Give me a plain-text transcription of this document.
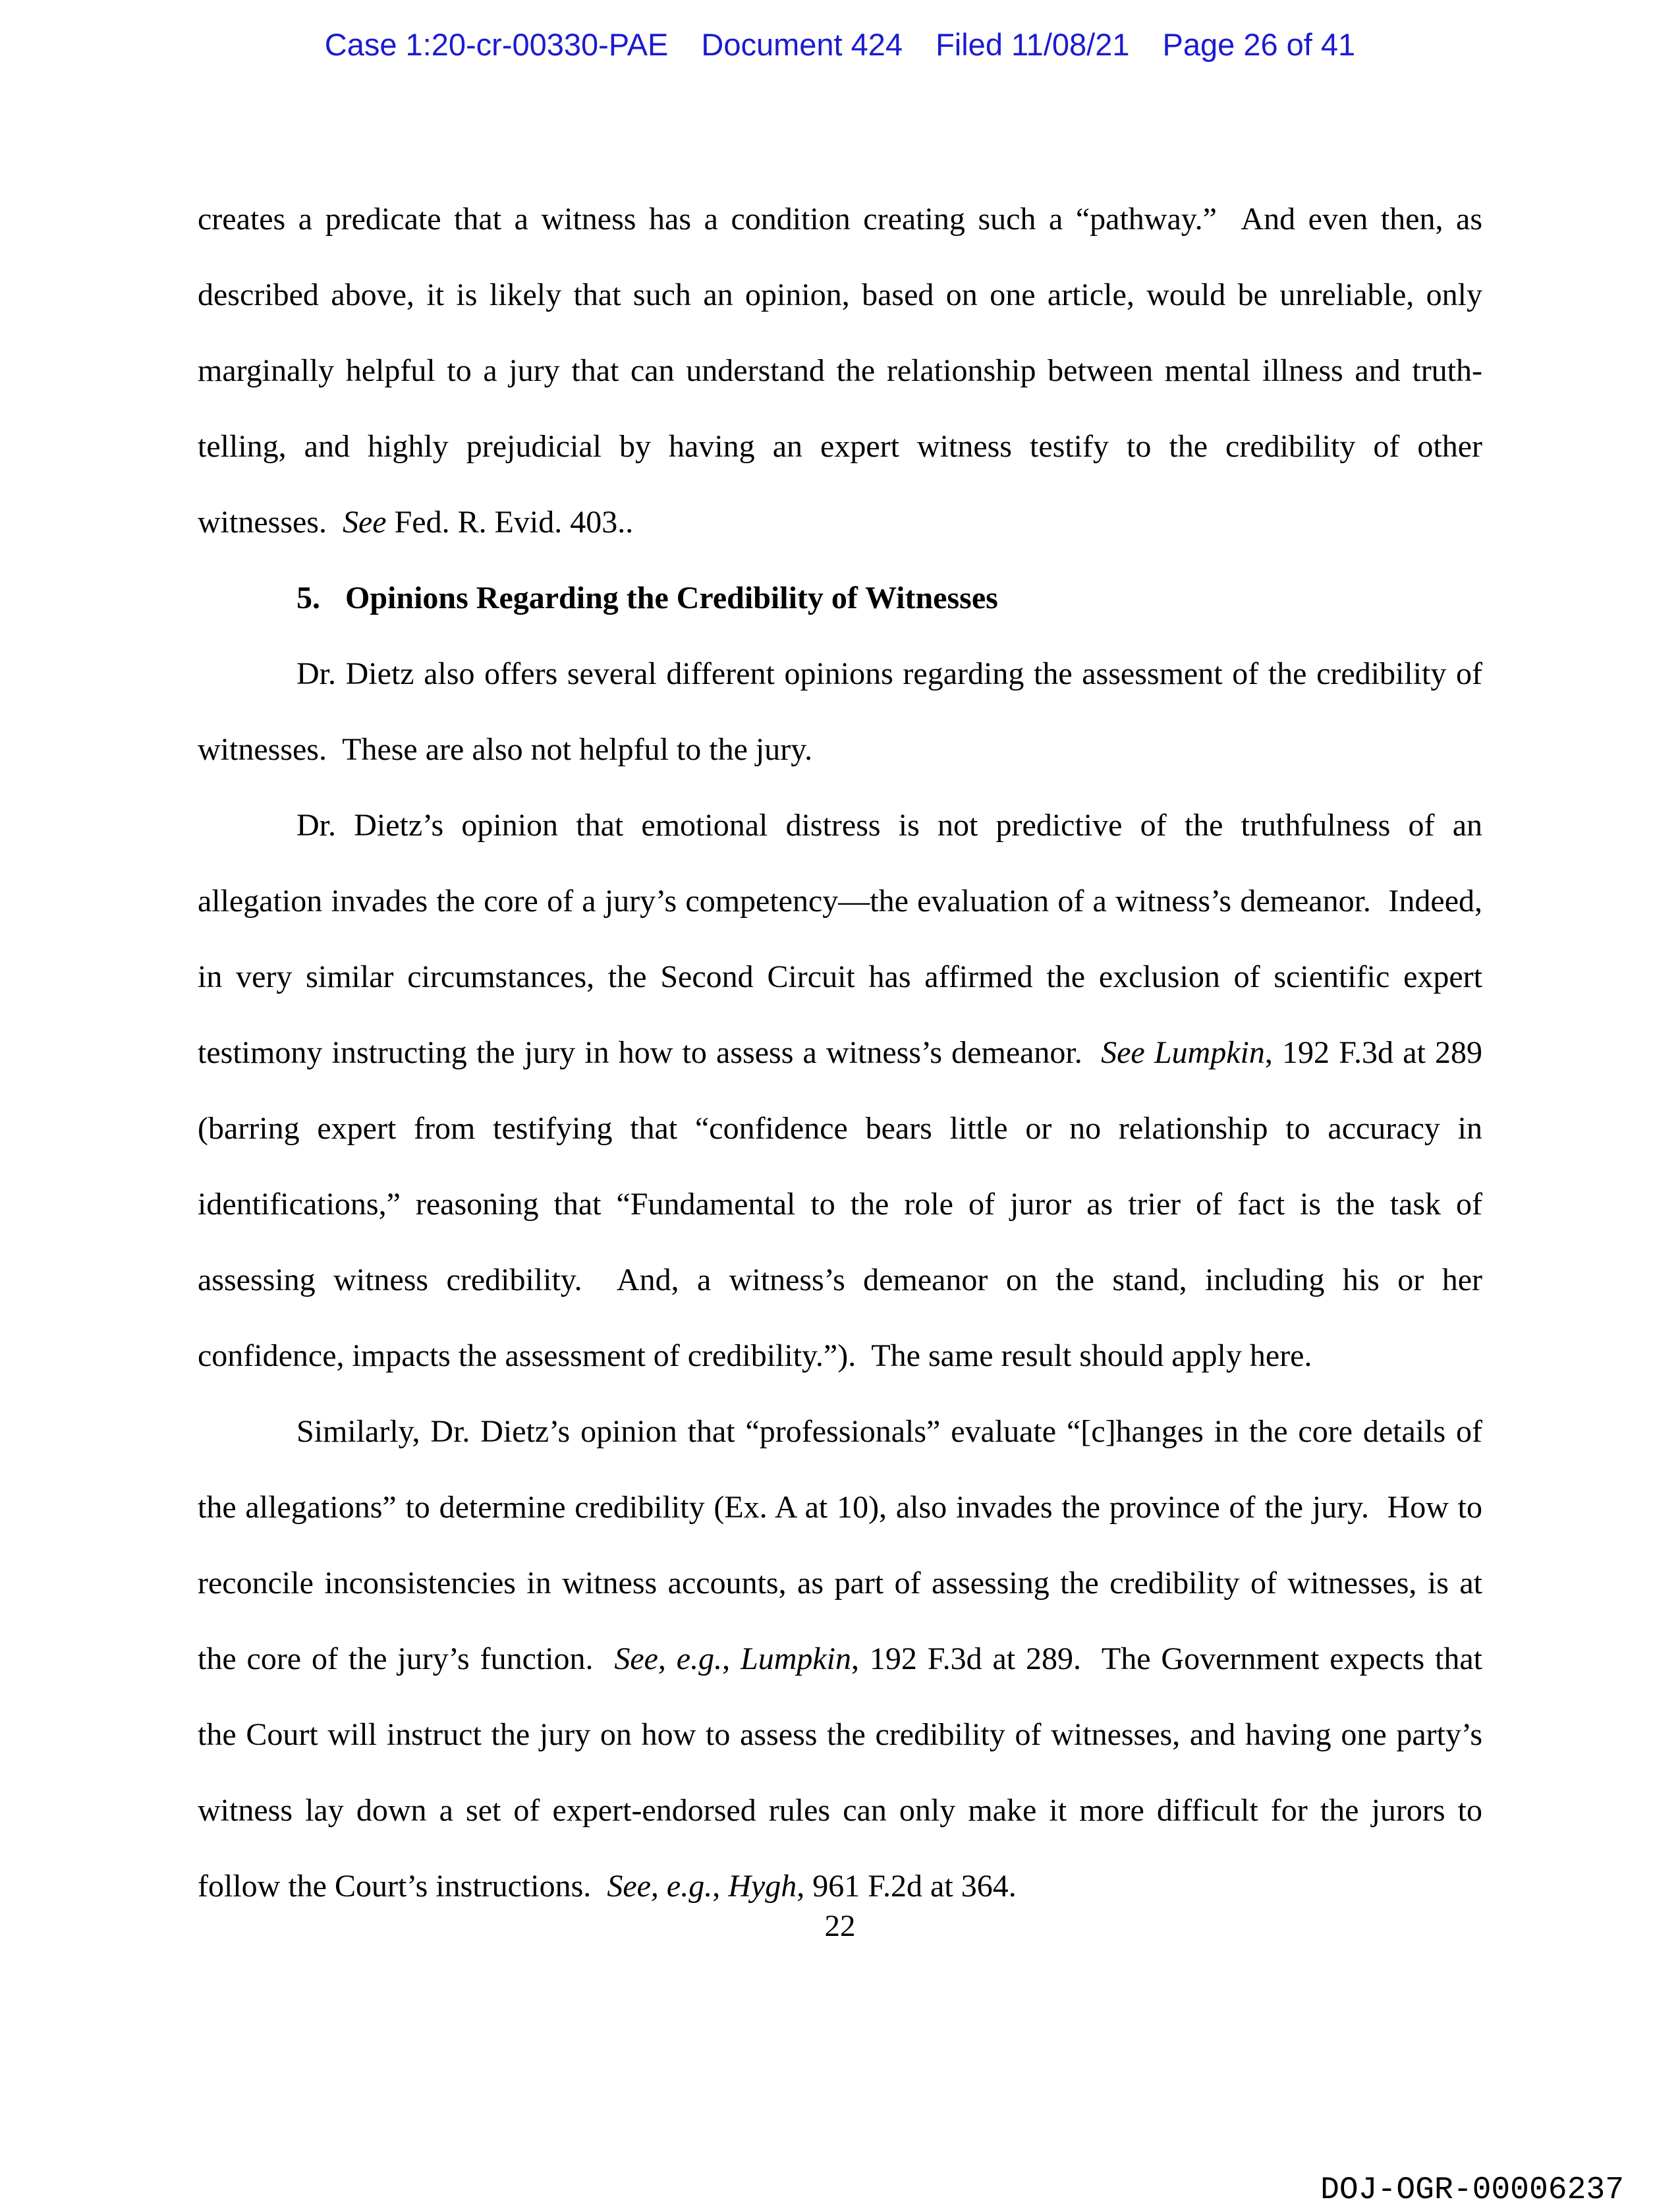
Case 1:20-cr-00330-PAE Document 424 Filed 11/08/21 Page 26 of 41

creates a predicate that a witness has a condition creating such a “pathway.”  And even then, as described above, it is likely that such an opinion, based on one article, would be unreliable, only marginally helpful to a jury that can understand the relationship between mental illness and truth-telling, and highly prejudicial by having an expert witness testify to the credibility of other witnesses.  See Fed. R. Evid. 403..

5. Opinions Regarding the Credibility of Witnesses

Dr. Dietz also offers several different opinions regarding the assessment of the credibility of witnesses.  These are also not helpful to the jury.

Dr. Dietz’s opinion that emotional distress is not predictive of the truthfulness of an allegation invades the core of a jury’s competency—the evaluation of a witness’s demeanor.  Indeed, in very similar circumstances, the Second Circuit has affirmed the exclusion of scientific expert testimony instructing the jury in how to assess a witness’s demeanor.  See Lumpkin, 192 F.3d at 289 (barring expert from testifying that “confidence bears little or no relationship to accuracy in identifications,” reasoning that “Fundamental to the role of juror as trier of fact is the task of assessing witness credibility.  And, a witness’s demeanor on the stand, including his or her confidence, impacts the assessment of credibility.”).  The same result should apply here.

Similarly, Dr. Dietz’s opinion that “professionals” evaluate “[c]hanges in the core details of the allegations” to determine credibility (Ex. A at 10), also invades the province of the jury.  How to reconcile inconsistencies in witness accounts, as part of assessing the credibility of witnesses, is at the core of the jury’s function.  See, e.g., Lumpkin, 192 F.3d at 289.  The Government expects that the Court will instruct the jury on how to assess the credibility of witnesses, and having one party’s witness lay down a set of expert-endorsed rules can only make it more difficult for the jurors to follow the Court’s instructions.  See, e.g., Hygh, 961 F.2d at 364.

22
DOJ-OGR-00006237
